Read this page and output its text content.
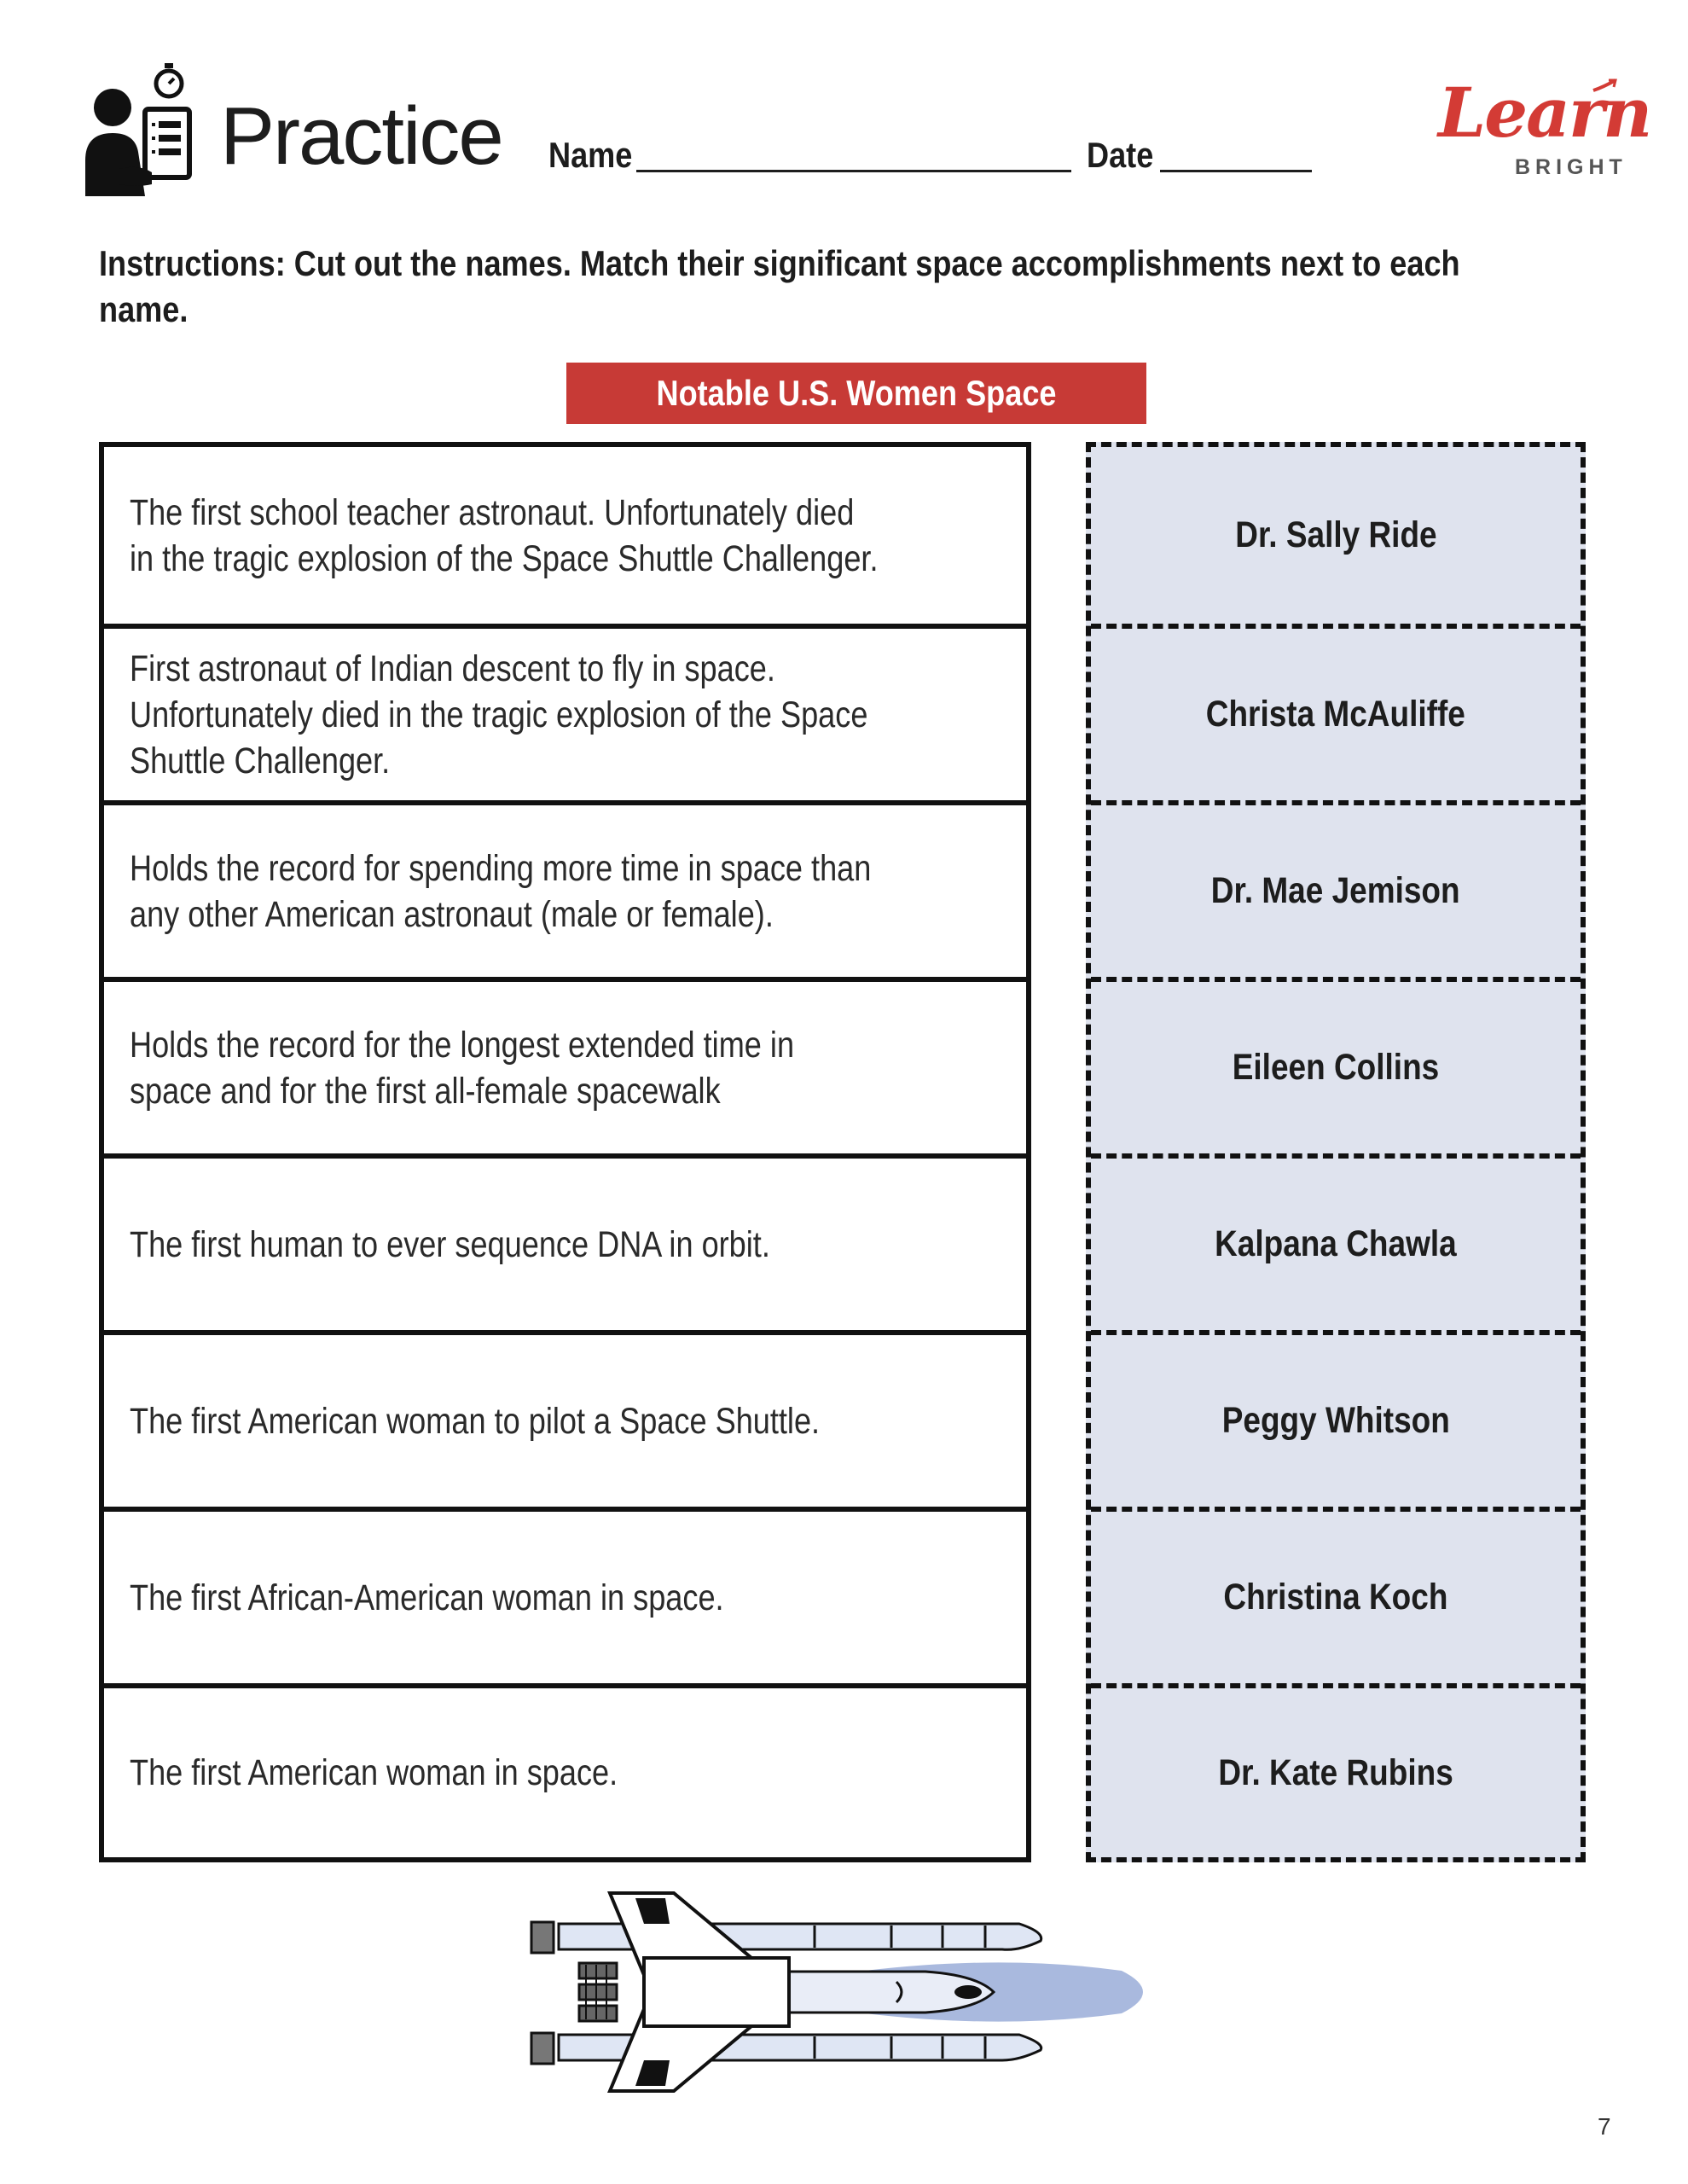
Practice Name	Date
Learn
BRIGHT
Instructions: Cut out the names. Match their significant space accomplishments next to each name.
Notable U.S. Women Space Pioneers
The first school teacher astronaut. Unfortunately died in the tragic explosion of the Space Shuttle Challenger.
First astronaut of Indian descent to fly in space. Unfortunately died in the tragic explosion of the Space Shuttle Challenger.
Holds the record for spending more time in space than any other American astronaut (male or female).
Holds the record for the longest extended time in space and for the first all-female spacewalk
The first human to ever sequence DNA in orbit.
The first American woman to pilot a Space Shuttle.
The first African-American woman in space.
The first American woman in space.
Dr. Sally Ride
Christa McAuliffe
Dr. Mae Jemison
Eileen Collins
Kalpana Chawla
Peggy Whitson
Christina Koch
Dr. Kate Rubins
7
